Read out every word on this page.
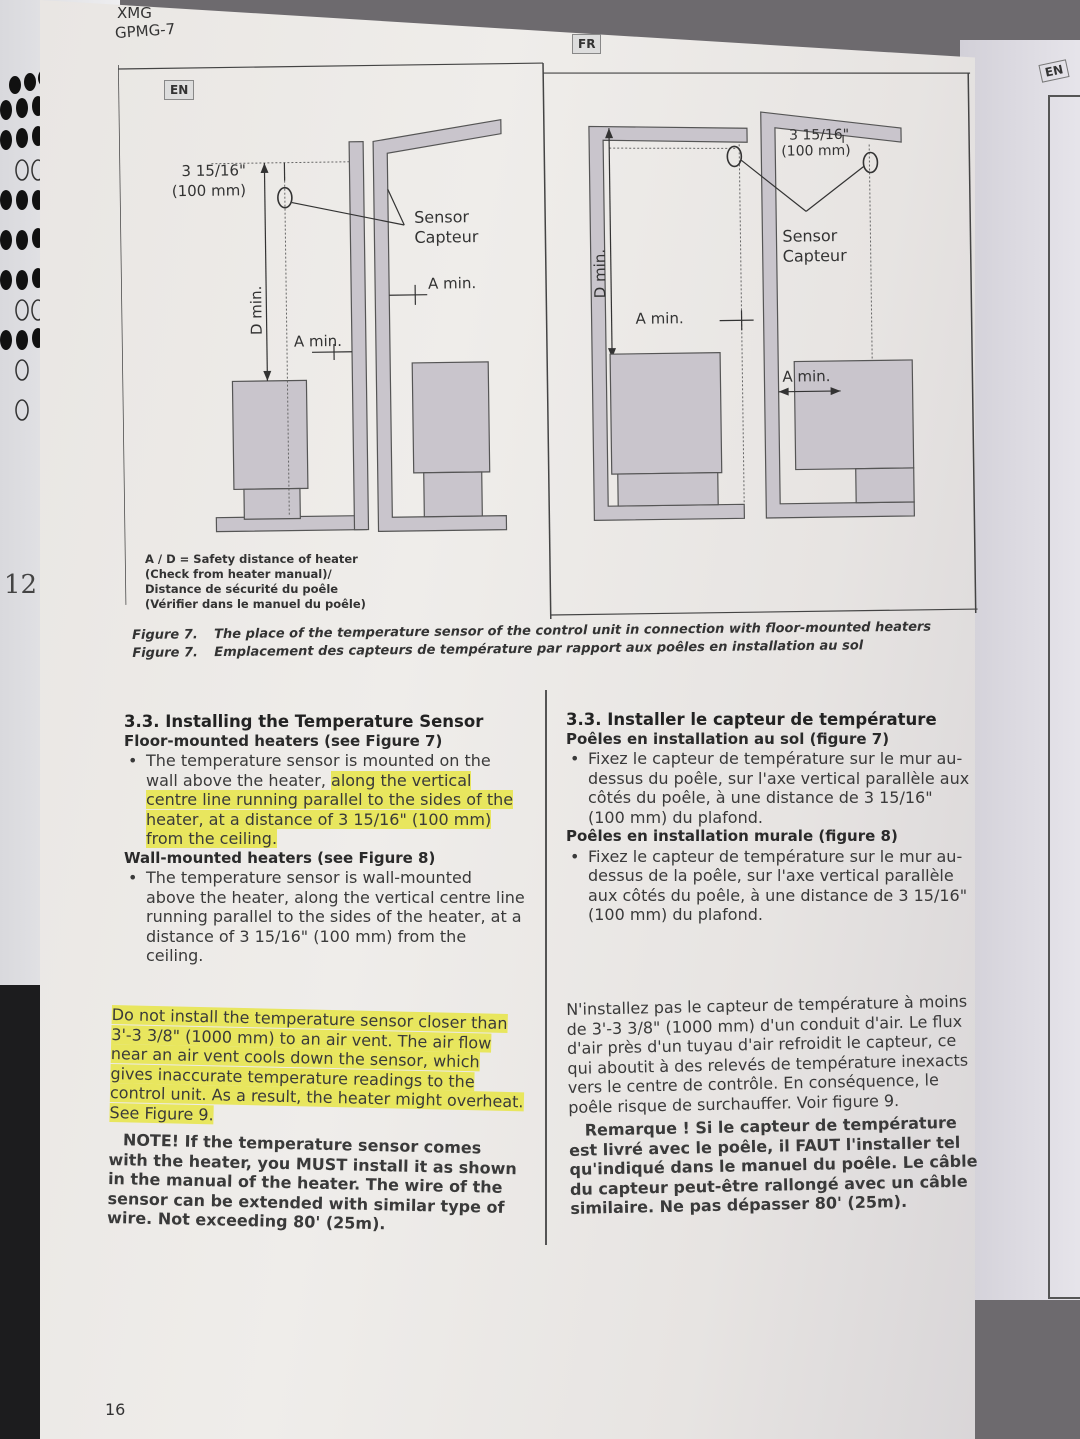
EN
XMG
GPMG-7
EN
FR
3 15/16"
(100 mm)
Sensor
Capteur
D min.
A min.
A min.
3 15/16"
(100 mm)
Sensor
Capteur
D min.
A min.
A min.
A / D = Safety distance of heater
(Check from heater manual)/
Distance de sécurité du poêle
(Vérifier dans le manuel du poêle)
Figure 7. The place of the temperature sensor of the control unit in connection with floor-mounted heaters
Figure 7. Emplacement des capteurs de température par rapport aux poêles en installation au sol
3.3. Installing the Temperature Sensor
Floor-mounted heaters (see Figure 7)

• The temperature sensor is mounted on the wall above the heater, along the vertical centre line running parallel to the sides of the heater, at a distance of 3 15/16" (100 mm) from the ceiling.

Wall-mounted heaters (see Figure 8)

• The temperature sensor is wall-mounted above the heater, along the vertical centre line running parallel to the sides of the heater, at a distance of 3 15/16" (100 mm) from the ceiling.

Do not install the temperature sensor closer than 3'-3 3/8" (1000 mm) to an air vent. The air flow near an air vent cools down the sensor, which gives inaccurate temperature readings to the control unit. As a result, the heater might overheat. See Figure 9.

NOTE! If the temperature sensor comes with the heater, you MUST install it as shown in the manual of the heater. The wire of the sensor can be extended with similar type of wire. Not exceeding 80' (25m).

3.3. Installer le capteur de température
Poêles en installation au sol (figure 7)

• Fixez le capteur de température sur le mur au-dessus du poêle, sur l'axe vertical parallèle aux côtés du poêle, à une distance de 3 15/16" (100 mm) du plafond.

Poêles en installation murale (figure 8)

• Fixez le capteur de température sur le mur au-dessus de la poêle, sur l'axe vertical parallèle aux côtés du poêle, à une distance de 3 15/16" (100 mm) du plafond.

N'installez pas le capteur de température à moins de 3'-3 3/8" (1000 mm) d'un conduit d'air. Le flux d'air près d'un tuyau d'air refroidit le capteur, ce qui aboutit à des relevés de température inexacts vers le centre de contrôle. En conséquence, le poêle risque de surchauffer. Voir figure 9.

Remarque ! Si le capteur de température est livré avec le poêle, il FAUT l'installer tel qu'indiqué dans le manuel du poêle. Le câble du capteur peut-être rallongé avec un câble similaire. Ne pas dépasser 80' (25m).

16
12
